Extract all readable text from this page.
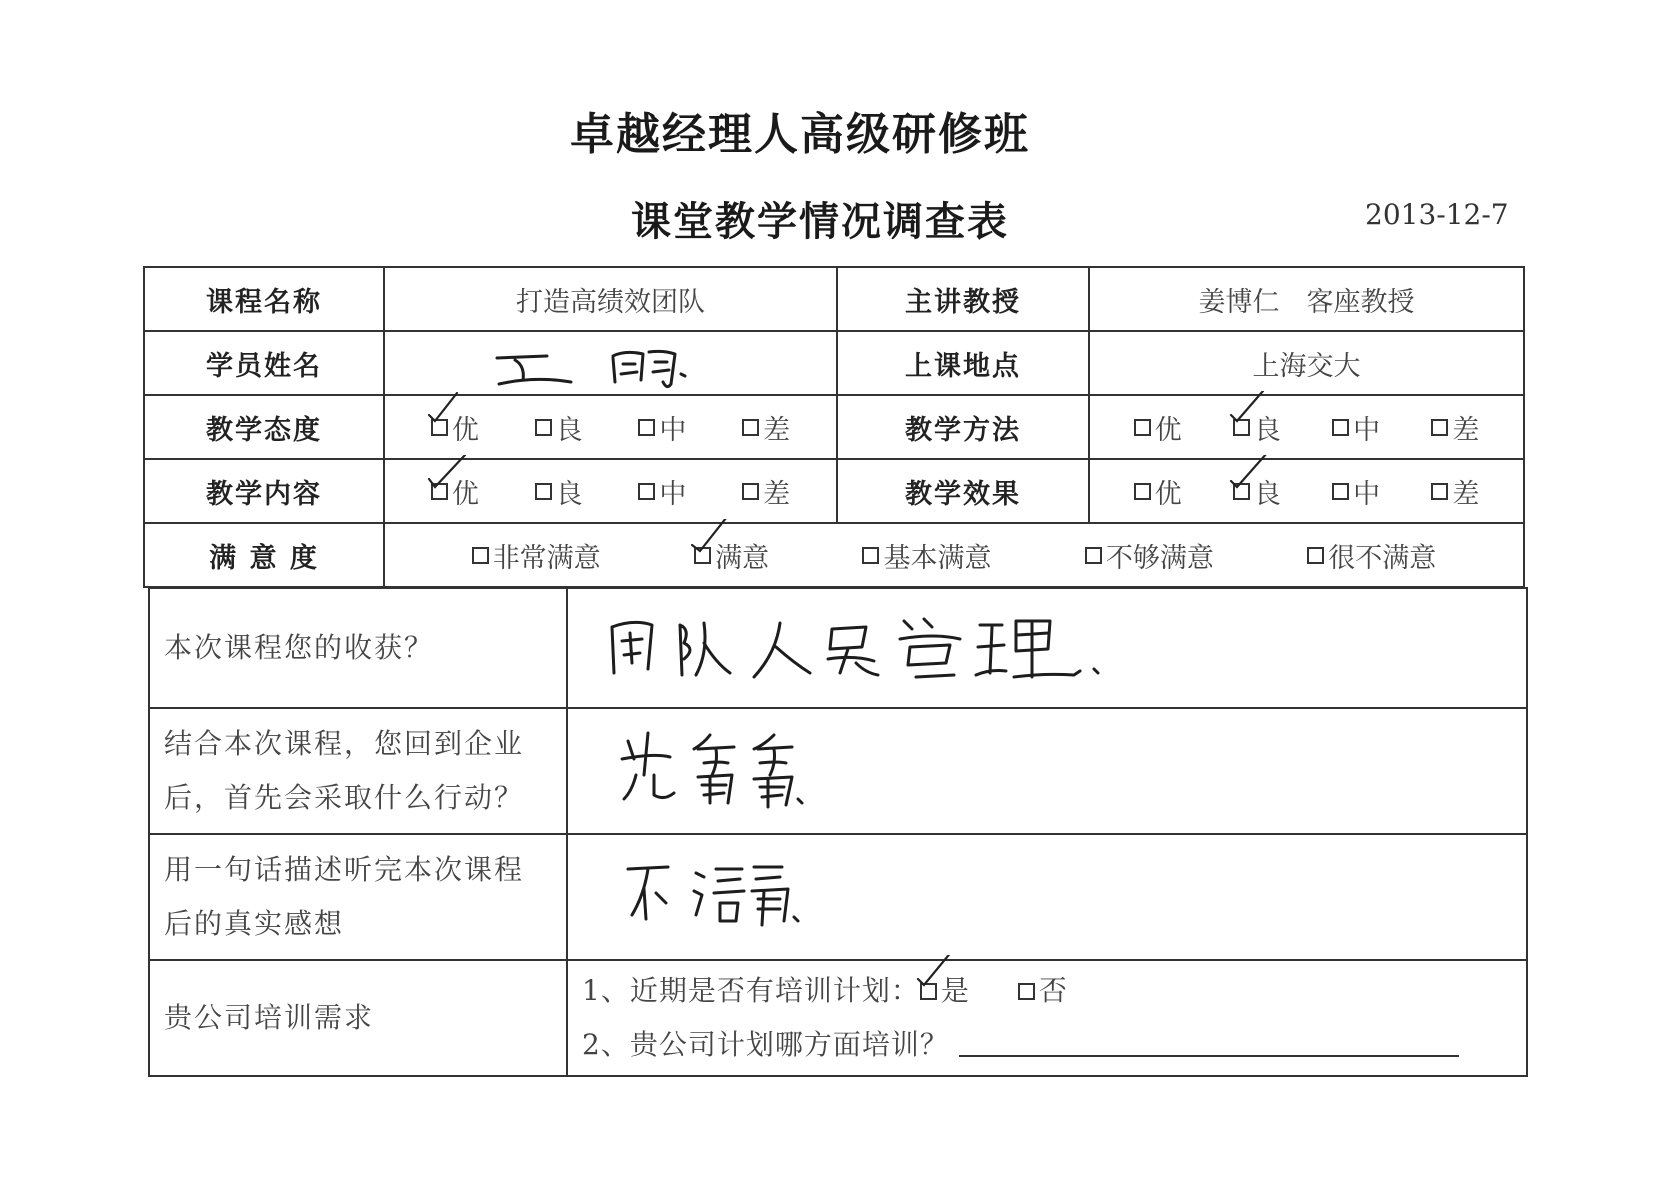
卓越经理人高级研修班
课堂教学情况调查表	2013-12-7
课程名称	打造高绩效团队	主讲教授	姜博仁　客座教授
学员姓名		上课地点	上海交大
教学态度	优 良 中 差	教学方法	优 良 中 差

教学内容	优 良 中 差	教学效果	优 良 中 差

满 意 度	非常满意 满意 基本满意 不够满意 很不满意		
本次课程您的收获？	

结合本次课程，您回到企业
后，首先会采取什么行动？	

用一句话描述听完本次课程
后的真实感想	

贵公司培训需求	1、近期是否有培训计划： 是 否
2、贵公司计划哪方面培训？
